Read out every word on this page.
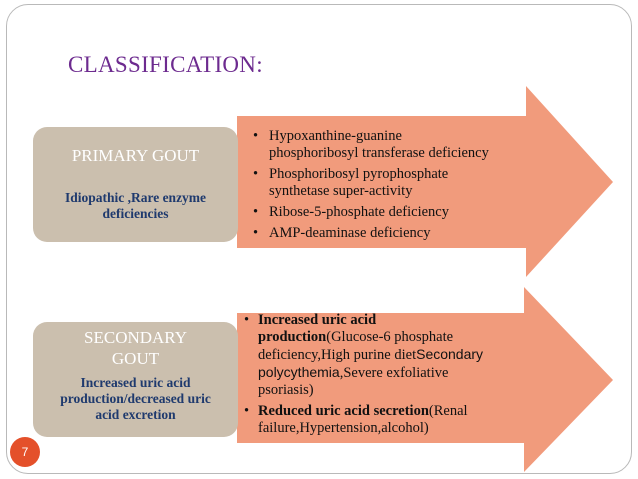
CLASSIFICATION:
PRIMARY GOUT
Idiopathic ,Rare enzyme
deficiencies
• Hypoxanthine-guanine
phosphoribosyl transferase deficiency
• Phosphoribosyl pyrophosphate
synthetase super-activity
• Ribose-5-phosphate deficiency
• AMP-deaminase deficiency
SECONDARY
GOUT
Increased uric acid
production/decreased uric
acid excretion
• Increased uric acid
production(Glucose-6 phosphate
deficiency,High purine dietSecondary
polycythemia,Severe exfoliative
psoriasis)
• Reduced uric acid secretion(Renal
failure,Hypertension,alcohol)
7
